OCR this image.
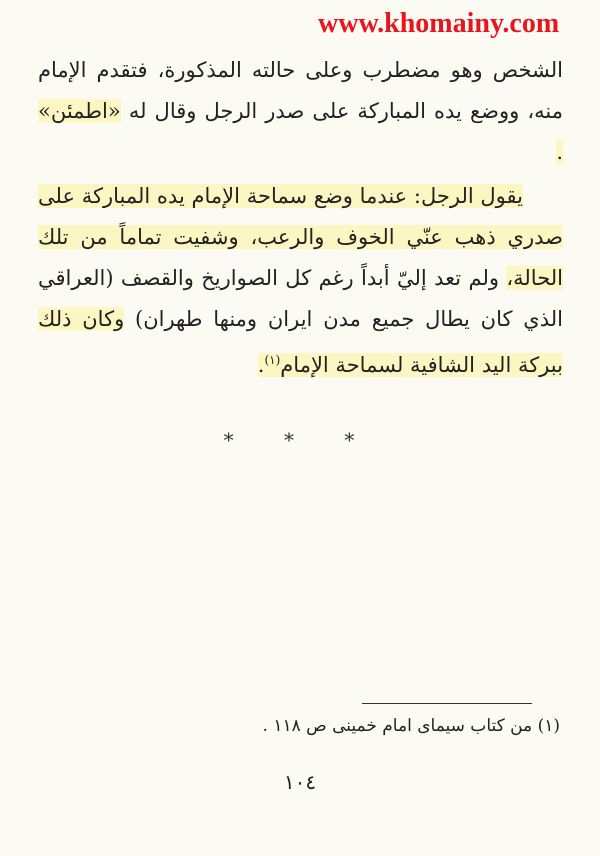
www.khomainy.com
الشخص وهو مضطرب وعلى حالته المذكورة، فتقدم الإمام منه، ووضع يده المباركة على صدر الرجل وقال له «اطمئن» .
يقول الرجل: عندما وضع سماحة الإمام يده المباركة على صدري ذهب عنّي الخوف والرعب، وشفيت تماماً من تلك الحالة، ولم تعد إليّ أبداً رغم كل الصواريخ والقصف (العراقي الذي كان يطال جميع مدن ايران ومنها طهران) وكان ذلك ببركة اليد الشافية لسماحة الإمام$^{(١)}$.
* * *
(١) من كتاب سيماى امام خمينى ص ١١٨ .
١٠٤
